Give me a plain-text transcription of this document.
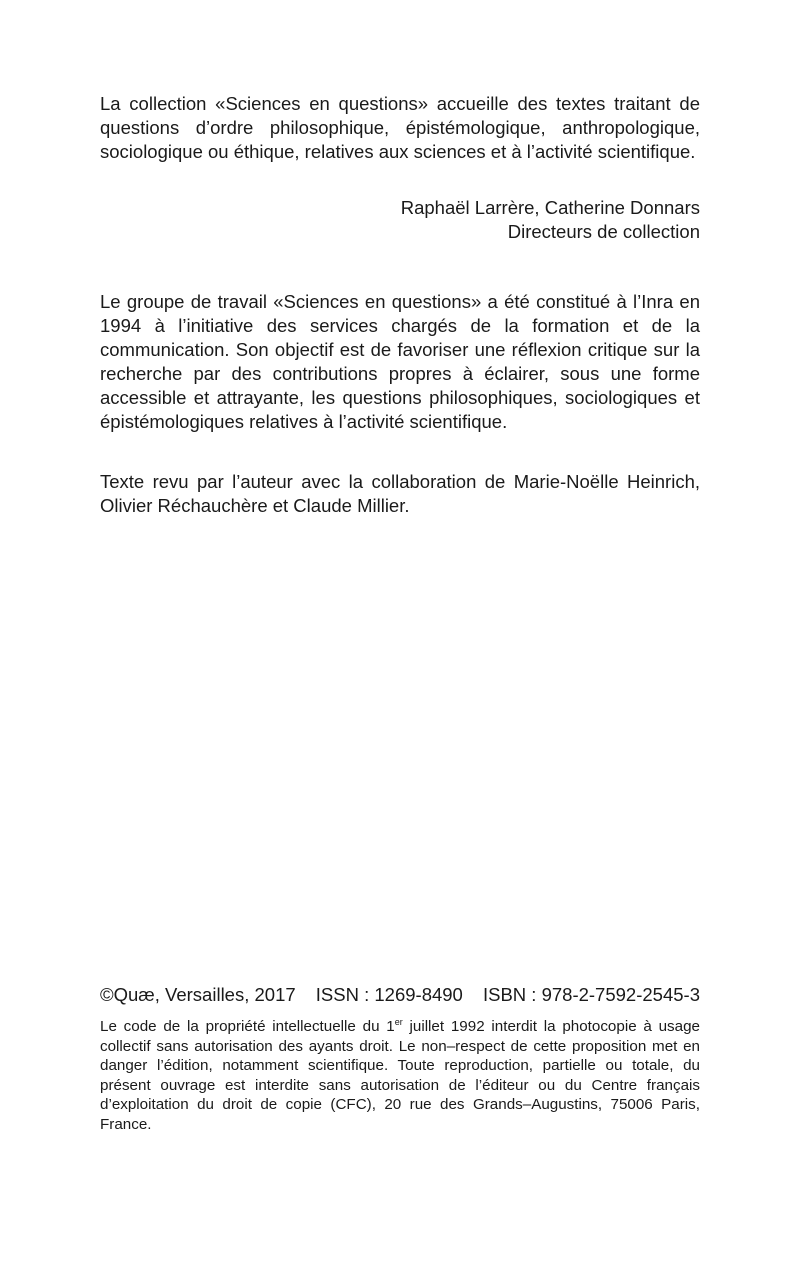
La collection «Sciences en questions» accueille des textes traitant de questions d’ordre philosophique, épistémologique, anthropologique, sociologique ou éthique, relatives aux sciences et à l’activité scientifique.

Raphaël Larrère, Catherine Donnars
Directeurs de collection

Le groupe de travail «Sciences en questions» a été constitué à l’Inra en 1994 à l’initiative des services chargés de la formation et de la communication. Son objectif est de favoriser une réflexion critique sur la recherche par des contributions propres à éclairer, sous une forme accessible et attrayante, les questions philosophiques, sociologiques et épistémologiques relatives à l’activité scientifique.

Texte revu par l’auteur avec la collaboration de Marie-Noëlle Heinrich, Olivier Réchauchère et Claude Millier.

©Quæ, Versailles, 2017 ISSN : 1269-8490 ISBN : 978-2-7592-2545-3

Le code de la propriété intellectuelle du 1er juillet 1992 interdit la photocopie à usage collectif sans autorisation des ayants droit. Le non–respect de cette proposition met en danger l’édition, notamment scientifique. Toute reproduction, partielle ou totale, du présent ouvrage est interdite sans autorisation de l’éditeur ou du Centre français d’exploitation du droit de copie (CFC), 20 rue des Grands–Augustins, 75006 Paris, France.
